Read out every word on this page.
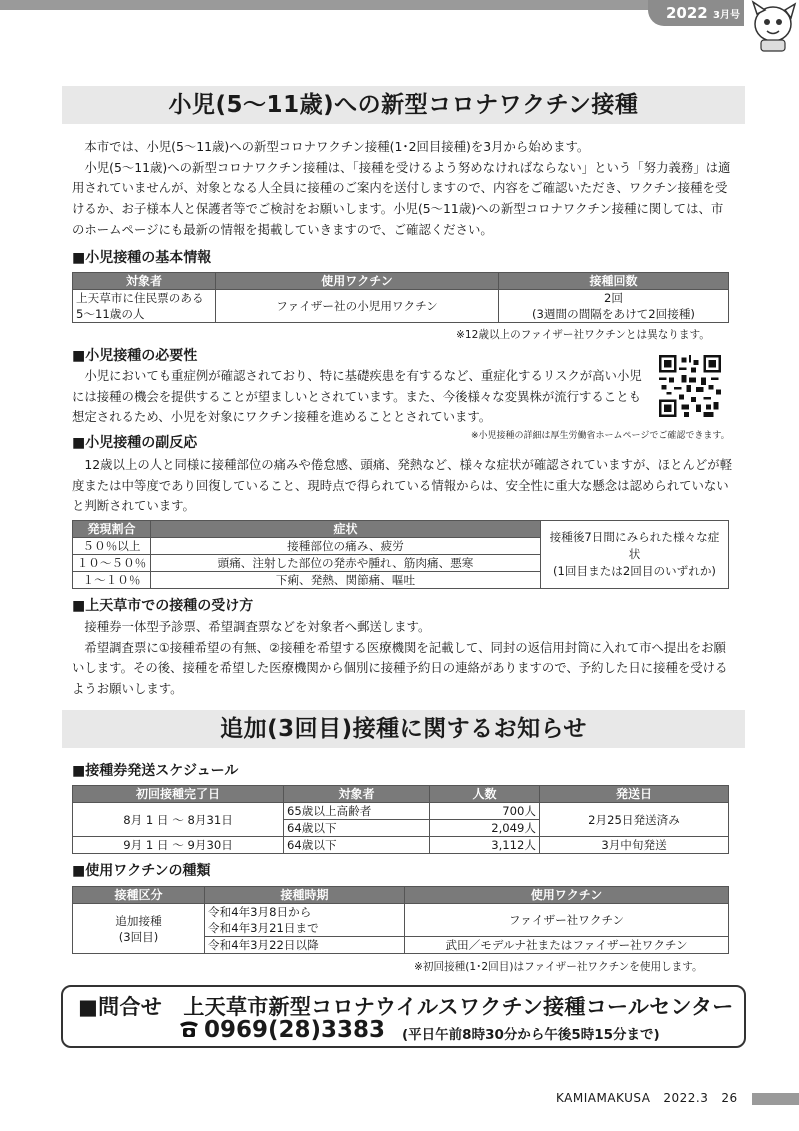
2022 3月号
小児(5〜11歳)への新型コロナワクチン接種

本市では、小児(5〜11歳)への新型コロナワクチン接種(1･2回目接種)を3月から始めます。

小児(5〜11歳)への新型コロナワクチン接種は、「接種を受けるよう努めなければならない」という「努力義務」は適用されていませんが、対象となる人全員に接種のご案内を送付しますので、内容をご確認いただき、ワクチン接種を受けるか、お子様本人と保護者等でご検討をお願いします。小児(5〜11歳)への新型コロナワクチン接種に関しては、市のホームページにも最新の情報を掲載していきますので、ご確認ください。

■小児接種の基本情報
対象者	使用ワクチン	接種回数
上天草市に住民票のある
5〜11歳の人	ファイザー社の小児用ワクチン	2回
(3週間の間隔をあけて2回接種)
※12歳以上のファイザー社ワクチンとは異なります。
■小児接種の必要性

小児においても重症例が確認されており、特に基礎疾患を有するなど、重症化するリスクが高い小児には接種の機会を提供することが望ましいとされています。また、今後様々な変異株が流行することも想定されるため、小児を対象にワクチン接種を進めることとされています。

※小児接種の詳細は厚生労働省ホームページでご確認できます。
■小児接種の副反応

12歳以上の人と同様に接種部位の痛みや倦怠感、頭痛、発熱など、様々な症状が確認されていますが、ほとんどが軽度または中等度であり回復していること、現時点で得られている情報からは、安全性に重大な懸念は認められていないと判断されています。

発現割合	症状	接種後7日間にみられた様々な症状
(1回目または2回目のいずれか)
５０％以上	接種部位の痛み、疲労	
１０〜５０％	頭痛、注射した部位の発赤や腫れ、筋肉痛、悪寒	
１〜１０％	下痢、発熱、関節痛、嘔吐	
■上天草市での接種の受け方

接種券一体型予診票、希望調査票などを対象者へ郵送します。

希望調査票に①接種希望の有無、②接種を希望する医療機関を記載して、同封の返信用封筒に入れて市へ提出をお願いします。その後、接種を希望した医療機関から個別に接種予約日の連絡がありますので、予約した日に接種を受けるようお願いします。

追加(3回目)接種に関するお知らせ
■接種券発送スケジュール
初回接種完了日	対象者	人数	発送日
8月 1 日 〜 8月31日	65歳以上高齢者	700人	2月25日発送済み
	64歳以下	2,049人	
9月 1 日 〜 9月30日	64歳以下	3,112人	3月中旬発送
■使用ワクチンの種類
接種区分	接種時期	使用ワクチン
追加接種
(3回目)	令和4年3月8日から
令和4年3月21日まで	ファイザー社ワクチン
	令和4年3月22日以降	武田／モデルナ社またはファイザー社ワクチン
※初回接種(1･2回目)はファイザー社ワクチンを使用します。
■問合せ　上天草市新型コロナウイルスワクチン接種コールセンター
0969(28)3383 (平日午前8時30分から午後5時15分まで)
KAMIAMAKUSA 2022.3 26
